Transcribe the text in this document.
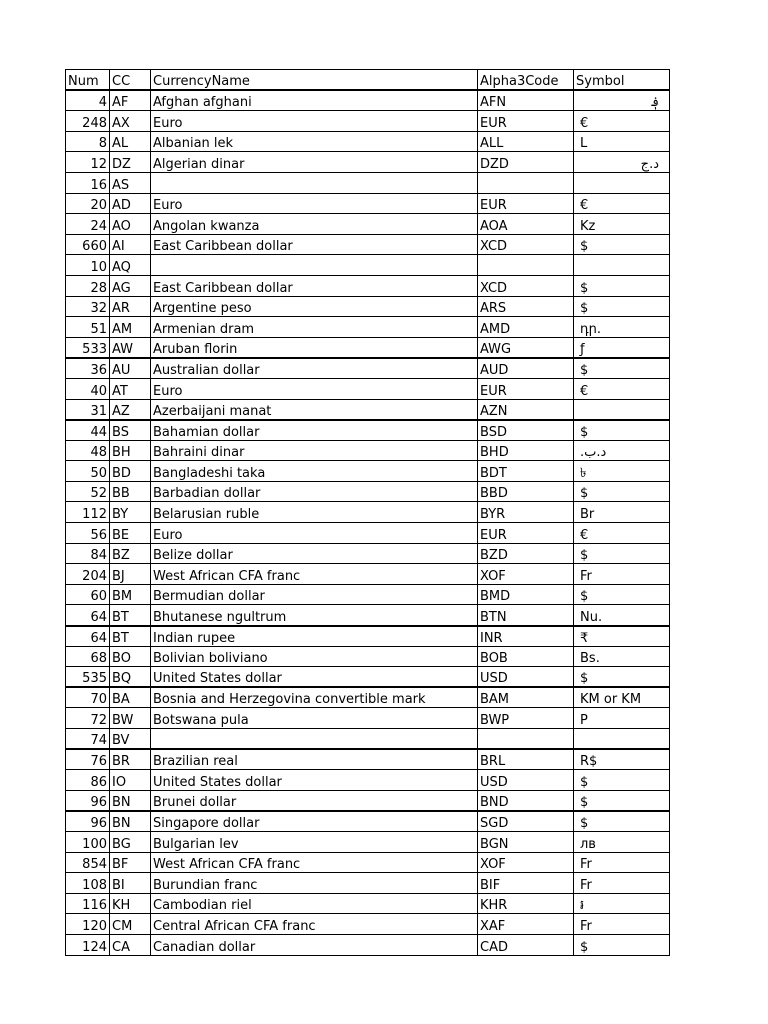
Num	CC	CurrencyName	Alpha3Code	Symbol
4	AF	Afghan afghani	AFN	؋
248	AX	Euro	EUR	€
8	AL	Albanian lek	ALL	L
12	DZ	Algerian dinar	DZD	د.ج
16	AS			
20	AD	Euro	EUR	€
24	AO	Angolan kwanza	AOA	Kz
660	AI	East Caribbean dollar	XCD	$
10	AQ			
28	AG	East Caribbean dollar	XCD	$
32	AR	Argentine peso	ARS	$
51	AM	Armenian dram	AMD	դր.
533	AW	Aruban florin	AWG	ƒ
36	AU	Australian dollar	AUD	$
40	AT	Euro	EUR	€
31	AZ	Azerbaijani manat	AZN	
44	BS	Bahamian dollar	BSD	$
48	BH	Bahraini dinar	BHD	.د.ب
50	BD	Bangladeshi taka	BDT	৳
52	BB	Barbadian dollar	BBD	$
112	BY	Belarusian ruble	BYR	Br
56	BE	Euro	EUR	€
84	BZ	Belize dollar	BZD	$
204	BJ	West African CFA franc	XOF	Fr
60	BM	Bermudian dollar	BMD	$
64	BT	Bhutanese ngultrum	BTN	Nu.
64	BT	Indian rupee	INR	₹
68	BO	Bolivian boliviano	BOB	Bs.
535	BQ	United States dollar	USD	$
70	BA	Bosnia and Herzegovina convertible mark	BAM	KM or KM
72	BW	Botswana pula	BWP	P
74	BV			
76	BR	Brazilian real	BRL	R$
86	IO	United States dollar	USD	$
96	BN	Brunei dollar	BND	$
96	BN	Singapore dollar	SGD	$
100	BG	Bulgarian lev	BGN	лв
854	BF	West African CFA franc	XOF	Fr
108	BI	Burundian franc	BIF	Fr
116	KH	Cambodian riel	KHR	៛
120	CM	Central African CFA franc	XAF	Fr
124	CA	Canadian dollar	CAD	$
